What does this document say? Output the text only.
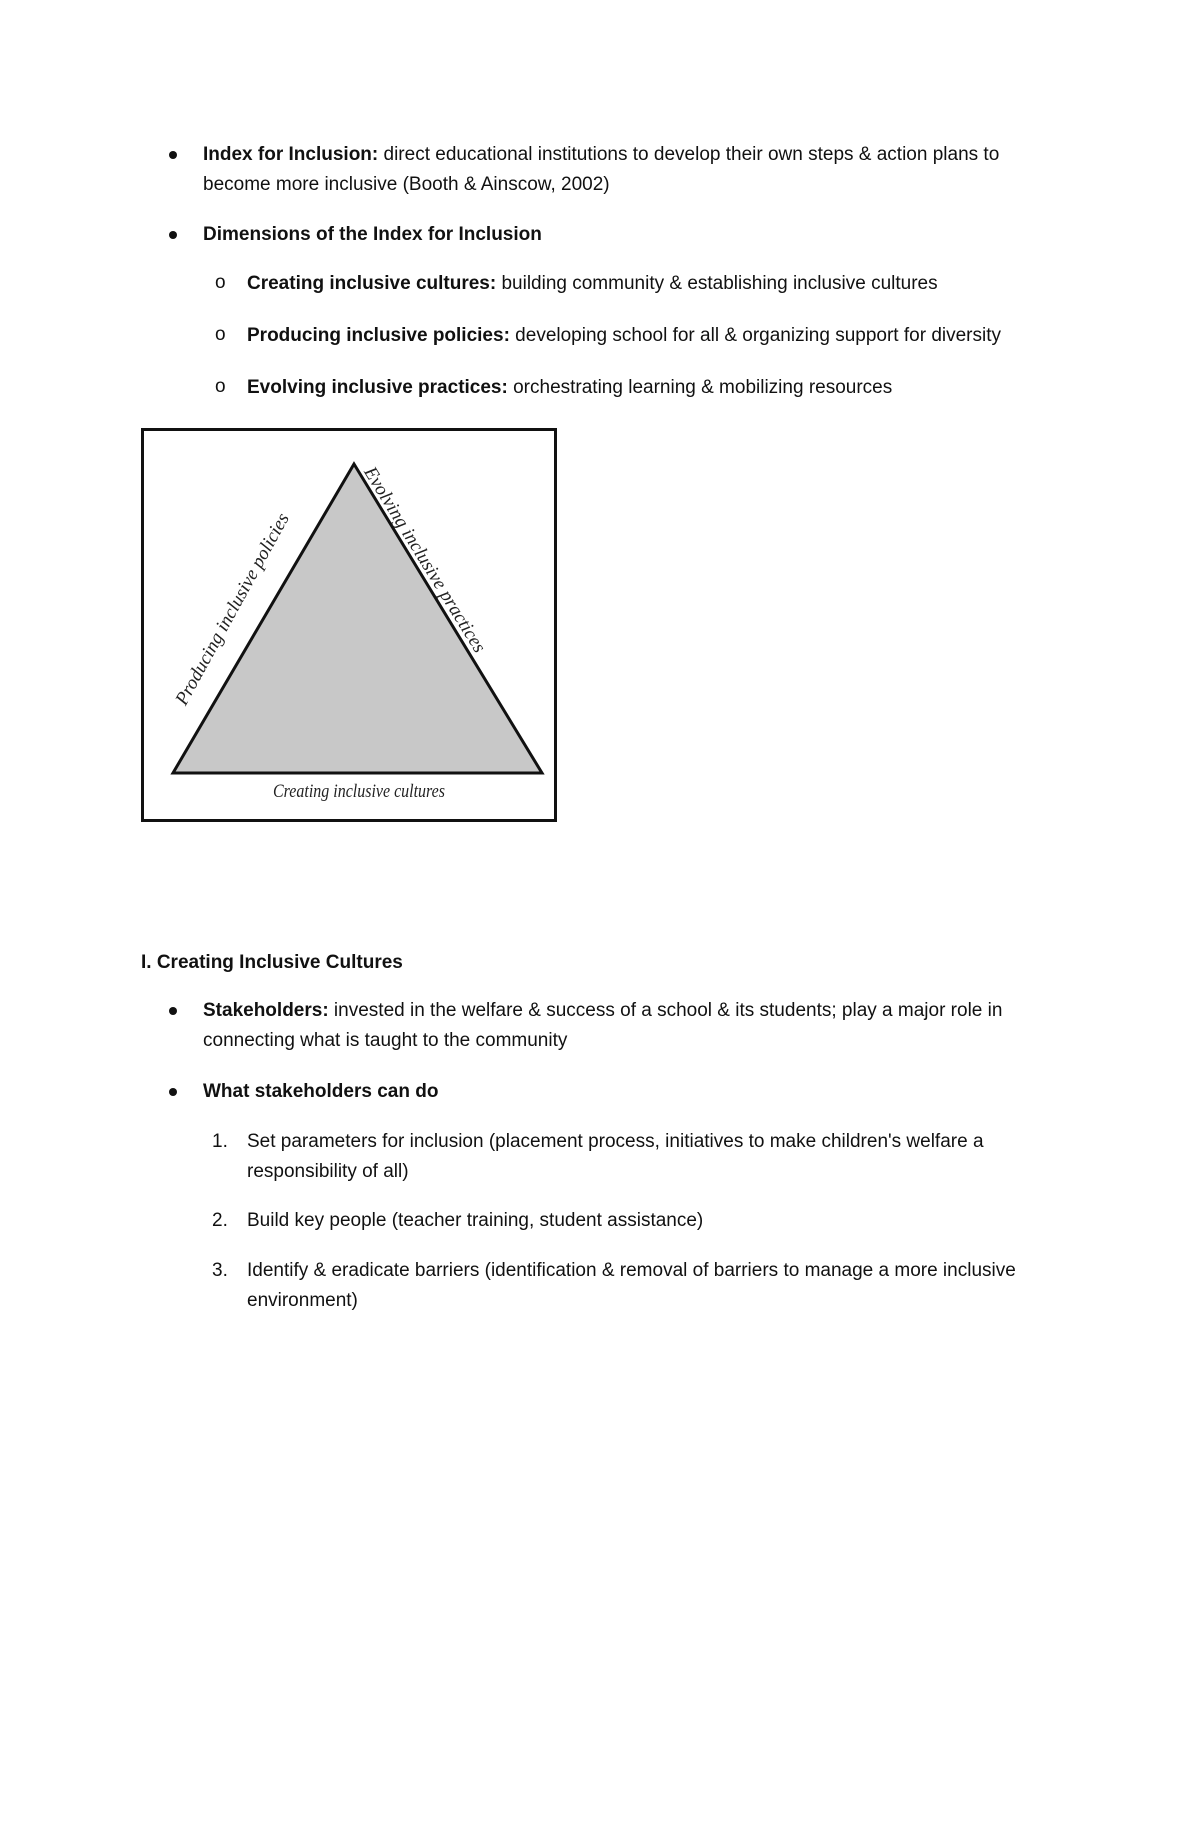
Index for Inclusion: direct educational institutions to develop their own steps & action plans to
become more inclusive (Booth & Ainscow, 2002)
Dimensions of the Index for Inclusion
o Creating inclusive cultures: building community & establishing inclusive cultures
o Producing inclusive policies: developing school for all & organizing support for diversity
o Evolving inclusive practices: orchestrating learning & mobilizing resources
Producing inclusive policies
Evolving inclusive practices
Creating inclusive cultures
I. Creating Inclusive Cultures
Stakeholders: invested in the welfare & success of a school & its students; play a major role in
connecting what is taught to the community
What stakeholders can do
1. Set parameters for inclusion (placement process, initiatives to make children's welfare a
responsibility of all)
2. Build key people (teacher training, student assistance)
3. Identify & eradicate barriers (identification & removal of barriers to manage a more inclusive
environment)
